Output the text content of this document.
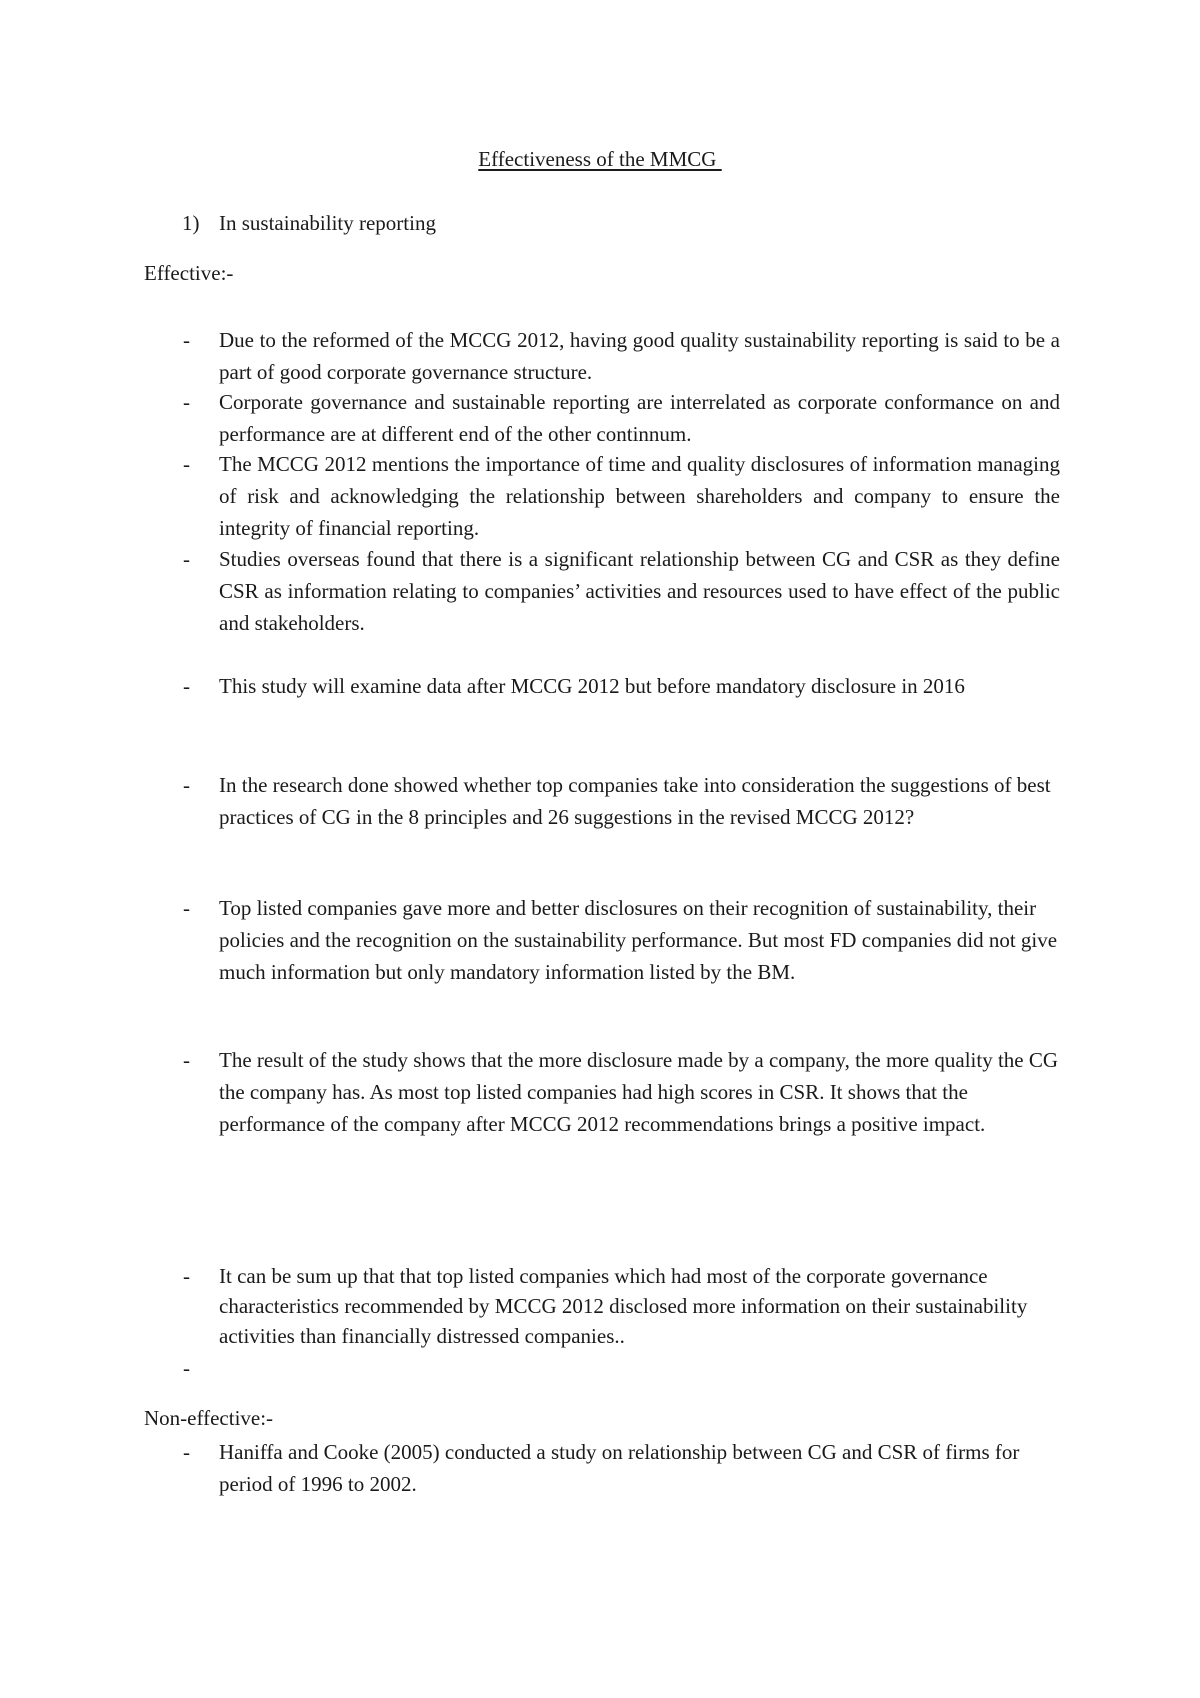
Effectiveness of the MMCG
1) In sustainability reporting
Effective:-
- Due to the reformed of the MCCG 2012, having good quality sustainability reporting is said to be a part of good corporate governance structure.
- Corporate governance and sustainable reporting are interrelated as corporate conformance on and performance are at different end of the other continnum.
- The MCCG 2012 mentions the importance of time and quality disclosures of information managing of risk and acknowledging the relationship between shareholders and company to ensure the integrity of financial reporting.
- Studies overseas found that there is a significant relationship between CG and CSR as they define CSR as information relating to companies’ activities and resources used to have effect of the public and stakeholders.
- This study will examine data after MCCG 2012 but before mandatory disclosure in 2016
- In the research done showed whether top companies take into consideration the suggestions of best practices of CG in the 8 principles and 26 suggestions in the revised MCCG 2012?
- Top listed companies gave more and better disclosures on their recognition of sustainability, their policies and the recognition on the sustainability performance. But most FD companies did not give much information but only mandatory information listed by the BM.
- The result of the study shows that the more disclosure made by a company, the more quality the CG the company has. As most top listed companies had high scores in CSR. It shows that the performance of the company after MCCG 2012 recommendations brings a positive impact.
- It can be sum up that that top listed companies which had most of the corporate governance characteristics recommended by MCCG 2012 disclosed more information on their sustainability activities than financially distressed companies..
-
Non-effective:-
- Haniffa and Cooke (2005) conducted a study on relationship between CG and CSR of firms for period of 1996 to 2002.
